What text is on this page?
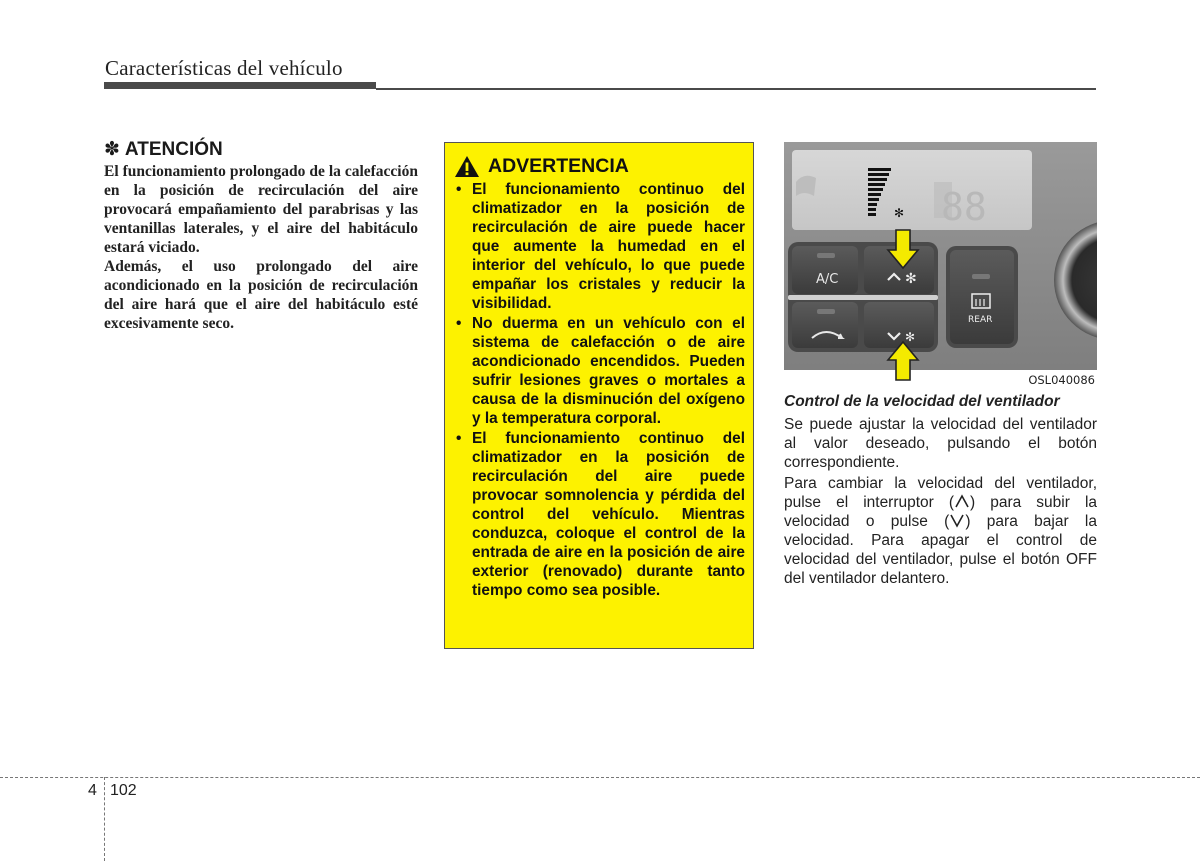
Características del vehículo
✽ ATENCIÓN

El funcionamiento prolongado de la calefacción en la posición de recirculación del aire provocará empañamiento del parabrisas y las ventanillas laterales, y el aire del habitáculo estará viciado.

Además, el uso prolongado del aire acondicionado en la posición de recirculación del aire hará que el aire del habitáculo esté excesivamente seco.

ADVERTENCIA
• El funcionamiento continuo del climatizador en la posición de recirculación de aire puede hacer que aumente la humedad en el interior del vehículo, lo que puede empañar los cristales y reducir la visibilidad.
• No duerma en un vehículo con el sistema de calefacción o de aire acondicionado encendidos. Pueden sufrir lesiones graves o mortales a causa de la disminución del oxígeno y la temperatura corporal.
• El funcionamiento continuo del climatizador en la posición de recirculación del aire puede provocar somnolencia y pérdida del control del vehículo. Mientras conduzca, coloque el control de la entrada de aire en la posición de aire exterior (renovado) durante tanto tiempo como sea posible.
✻ 88
A/C	✻
✻
REAR
OSL040086
Control de la velocidad del ventilador

Se puede ajustar la velocidad del ventilador al valor deseado, pulsando el botón correspondiente.

Para cambiar la velocidad del ventilador, pulse el interruptor ( ) para subir la velocidad o pulse ( ) para bajar la velocidad. Para apagar el control de velocidad del ventilador, pulse el botón OFF del ventilador delantero.

4 102
